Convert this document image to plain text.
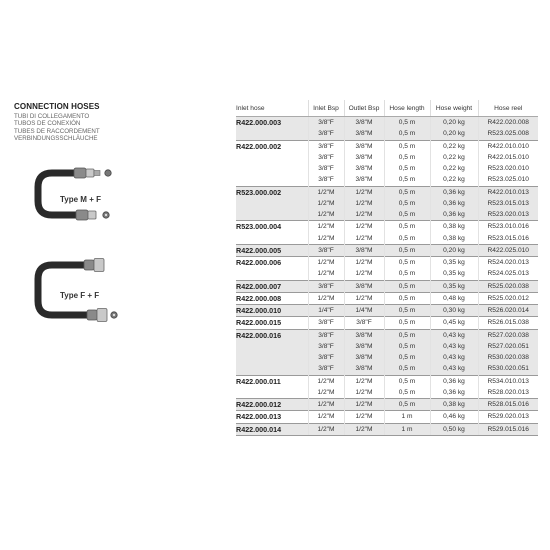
CONNECTION HOSES
TUBI DI COLLEGAMENTO
TUBOS DE CONEXIÓN
TUBES DE RACCORDEMENT
VERBINDUNGSSCHLÄUCHE
Type M + F
Type F + F
Inlet hose	Inlet Bsp	Outlet Bsp	Hose length	Hose weight	Hose reel
R422.000.003	3/8"F	3/8"M	0,5 m	0,20 kg	R422.020.008
	3/8"F	3/8"M	0,5 m	0,20 kg	R523.025.008
R422.000.002	3/8"F	3/8"M	0,5 m	0,22 kg	R422.010.010
	3/8"F	3/8"M	0,5 m	0,22 kg	R422.015.010
	3/8"F	3/8"M	0,5 m	0,22 kg	R523.020.010
	3/8"F	3/8"M	0,5 m	0,22 kg	R523.025.010
R523.000.002	1/2"M	1/2"M	0,5 m	0,36 kg	R422.010.013
	1/2"M	1/2"M	0,5 m	0,36 kg	R523.015.013
	1/2"M	1/2"M	0,5 m	0,36 kg	R523.020.013
R523.000.004	1/2"M	1/2"M	0,5 m	0,38 kg	R523.010.016
	1/2"M	1/2"M	0,5 m	0,38 kg	R523.015.016
R422.000.005	3/8"F	3/8"M	0,5 m	0,20 kg	R422.025.010
R422.000.006	1/2"M	1/2"M	0,5 m	0,35 kg	R524.020.013
	1/2"M	1/2"M	0,5 m	0,35 kg	R524.025.013
R422.000.007	3/8"F	3/8"M	0,5 m	0,35 kg	R525.020.038
R422.000.008	1/2"M	1/2"M	0,5 m	0,48 kg	R525.020.012
R422.000.010	1/4"F	1/4"M	0,5 m	0,30 kg	R526.020.014
R422.000.015	3/8"F	3/8"F	0,5 m	0,45 kg	R526.015.038
R422.000.016	3/8"F	3/8"M	0,5 m	0,43 kg	R527.020.038
	3/8"F	3/8"M	0,5 m	0,43 kg	R527.020.051
	3/8"F	3/8"M	0,5 m	0,43 kg	R530.020.038
	3/8"F	3/8"M	0,5 m	0,43 kg	R530.020.051
R422.000.011	1/2"M	1/2"M	0,5 m	0,36 kg	R534.010.013
	1/2"M	1/2"M	0,5 m	0,36 kg	R528.020.013
R422.000.012	1/2"M	1/2"M	0,5 m	0,38 kg	R528.015.016
R422.000.013	1/2"M	1/2"M	1 m	0,46 kg	R529.020.013
R422.000.014	1/2"M	1/2"M	1 m	0,50 kg	R529.015.016
